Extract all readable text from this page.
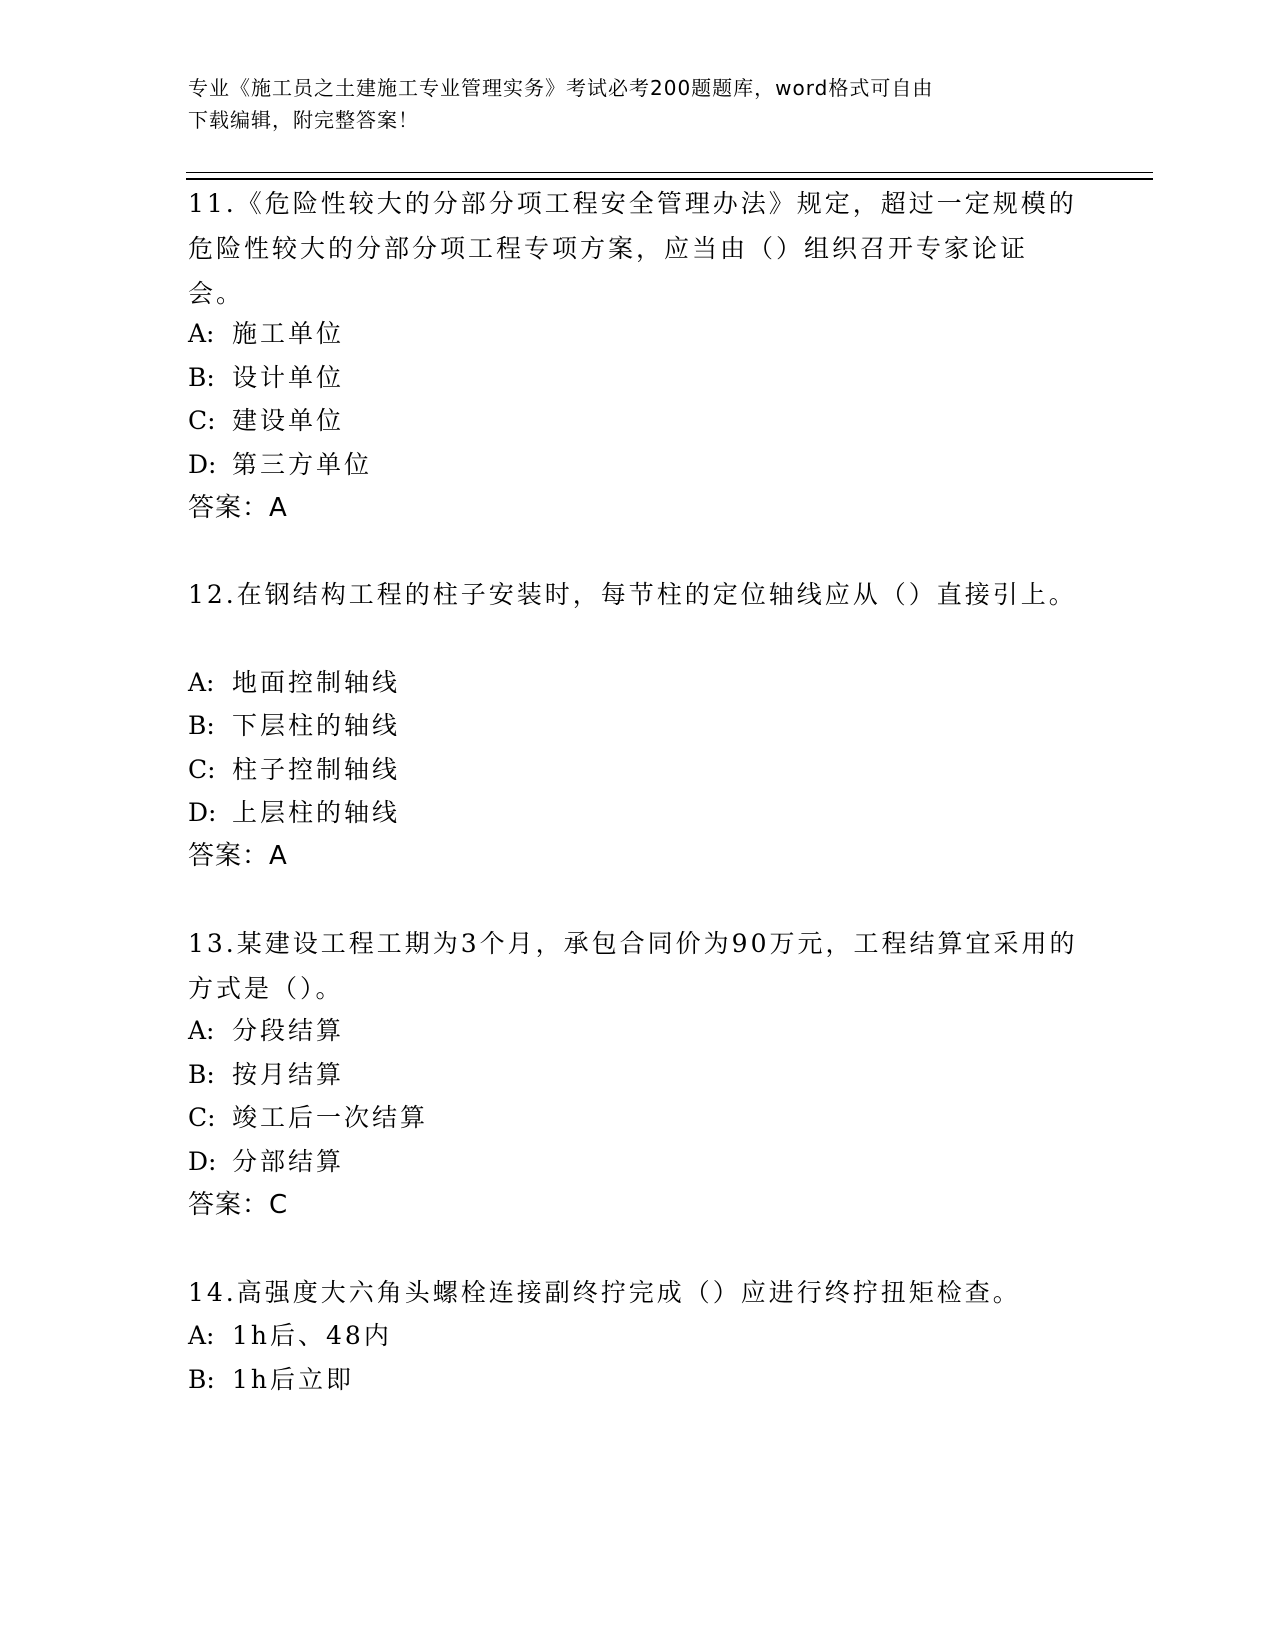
专业《施工员之土建施工专业管理实务》考试必考200题题库，word格式可自由
下载编辑，附完整答案！
11.《危险性较大的分部分项工程安全管理办法》规定，超过一定规模的危险性较大的分部分项工程专项方案，应当由（）组织召开专家论证会。
A: 施工单位
B: 设计单位
C: 建设单位
D: 第三方单位
答案：A
12.在钢结构工程的柱子安装时，每节柱的定位轴线应从（）直接引上。
A: 地面控制轴线
B: 下层柱的轴线
C: 柱子控制轴线
D: 上层柱的轴线
答案：A
13.某建设工程工期为3个月，承包合同价为90万元，工程结算宜采用的方式是（）。
A: 分段结算
B: 按月结算
C: 竣工后一次结算
D: 分部结算
答案：C
14.高强度大六角头螺栓连接副终拧完成（）应进行终拧扭矩检查。
A: 1h后、48内
B: 1h后立即
